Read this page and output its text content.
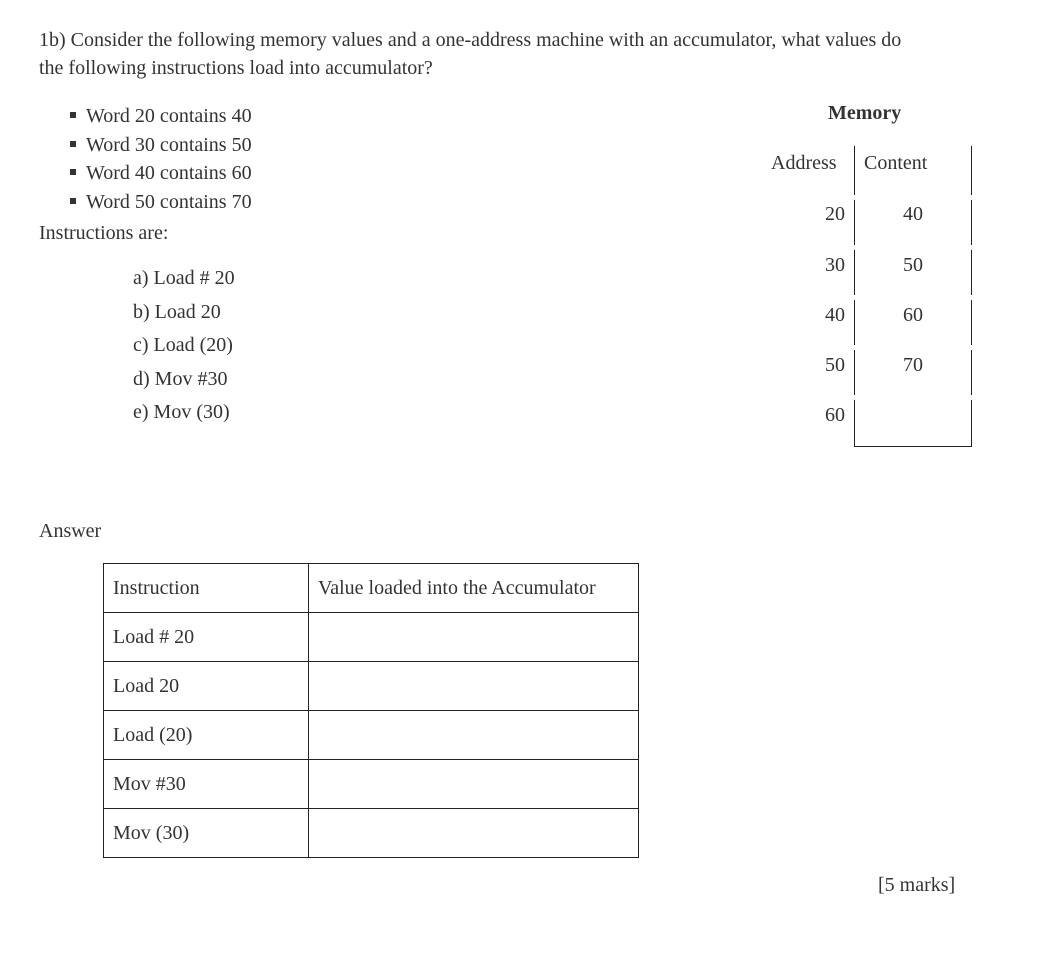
1b) Consider the following memory values and a one-address machine with an accumulator, what values do
the following instructions load into accumulator?
Word 20 contains 40
Word 30 contains 50
Word 40 contains 60
Word 50 contains 70
Instructions are:
a) Load # 20
b) Load 20
c) Load (20)
d) Mov #30
e) Mov (30)
Memory
Address Content
20	40
30	50
40	60
50	70
60
Answer
Instruction	Value loaded into the Accumulator
Load # 20	
Load 20	
Load (20)	
Mov #30	
Mov (30)	
[5 marks]
